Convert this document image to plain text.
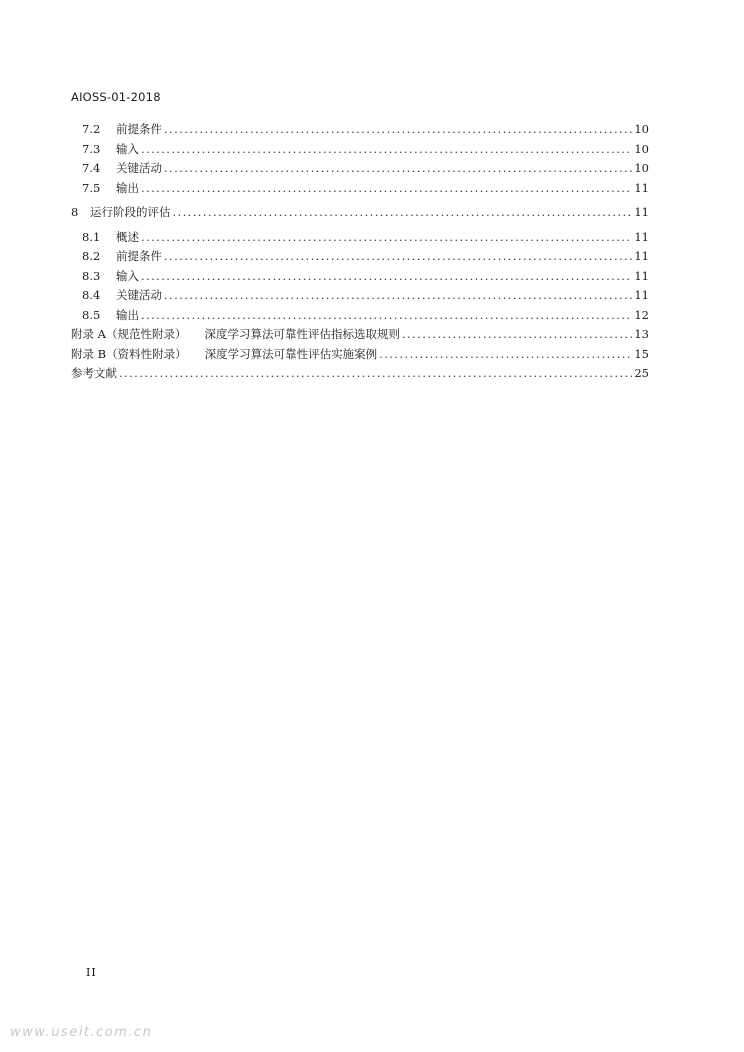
AIOSS-01-2018
7.2	前提条件 .....	10
7.3	输入 .....	10
7.4	关键活动 .....	10
7.5	输出 .....	11
8	运行阶段的评估 .....	11
8.1	概述 .....	11
8.2	前提条件 .....	11
8.3	输入 .....	11
8.4	关键活动 .....	11
8.5	输出 .....	12
附录 A（规范性附录） 深度学习算法可靠性评估指标选取规则 .....	13
附录 B（资料性附录） 深度学习算法可靠性评估实施案例 .....	15
参考文献 .....	25
II
www.useit.com.cn
